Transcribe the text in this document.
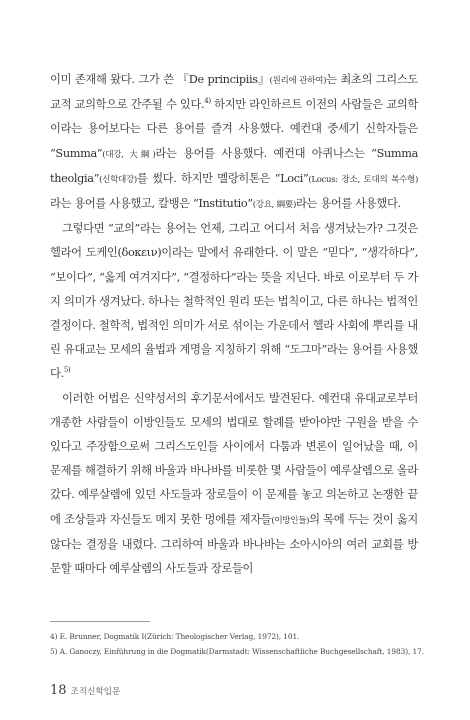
이미 존재해 왔다. 그가 쓴 『De principiis』(원리에 관하여)는 최초의 그리스도교적 교의학으로 간주될 수 있다.$^{4)}$ 하지만 라인하르트 이전의 사람들은 교의학이라는 용어보다는 다른 용어를 즐겨 사용했다. 예컨대 중세기 신학자들은 “Summa”(대강, 大綱)라는 용어를 사용했다. 예컨대 아퀴나스는 “Summa theolgia”(신학대강)를 썼다. 하지만 멜랑히톤은 “Loci”(Locus: 장소, 토대의 복수형)라는 용어를 사용했고, 칼뱅은 “Institutio”(강요, 綱要)라는 용어를 사용했다.

그렇다면 “교의”라는 용어는 언제, 그리고 어디서 처음 생겨났는가? 그것은 헬라어 도케인(δοκειν)이라는 말에서 유래한다. 이 말은 “믿다”, “생각하다”, “보이다”, “옳게 여겨지다”, “결정하다”라는 뜻을 지닌다. 바로 이로부터 두 가지 의미가 생겨났다. 하나는 철학적인 원리 또는 법칙이고, 다른 하나는 법적인 결정이다. 철학적, 법적인 의미가 서로 섞이는 가운데서 헬라 사회에 뿌리를 내린 유대교는 모세의 율법과 계명을 지칭하기 위해 “도그마”라는 용어를 사용했다.$^{5)}$

이러한 어법은 신약성서의 후기문서에서도 발견된다. 예컨대 유대교로부터 개종한 사람들이 이방인들도 모세의 법대로 할례를 받아야만 구원을 받을 수 있다고 주장함으로써 그리스도인들 사이에서 다툼과 변론이 일어났을 때, 이 문제를 해결하기 위해 바울과 바나바를 비롯한 몇 사람들이 예루살렘으로 올라갔다. 예루살렘에 있던 사도들과 장로들이 이 문제를 놓고 의논하고 논쟁한 끝에 조상들과 자신들도 메지 못한 멍에를 제자들(이방인들)의 목에 두는 것이 옳지 않다는 결정을 내렸다. 그리하여 바울과 바나바는 소아시아의 여러 교회를 방문할 때마다 예루살렘의 사도들과 장로들이

4) E. Brunner, Dogmatik I(Zürich: Theologischer Verlag, 1972), 101.
5) A. Ganoczy, Einführung in die Dogmatik(Darmstadt: Wissenschaftliche Buchgesellschaft, 1983), 17.
18 조직신학입문
